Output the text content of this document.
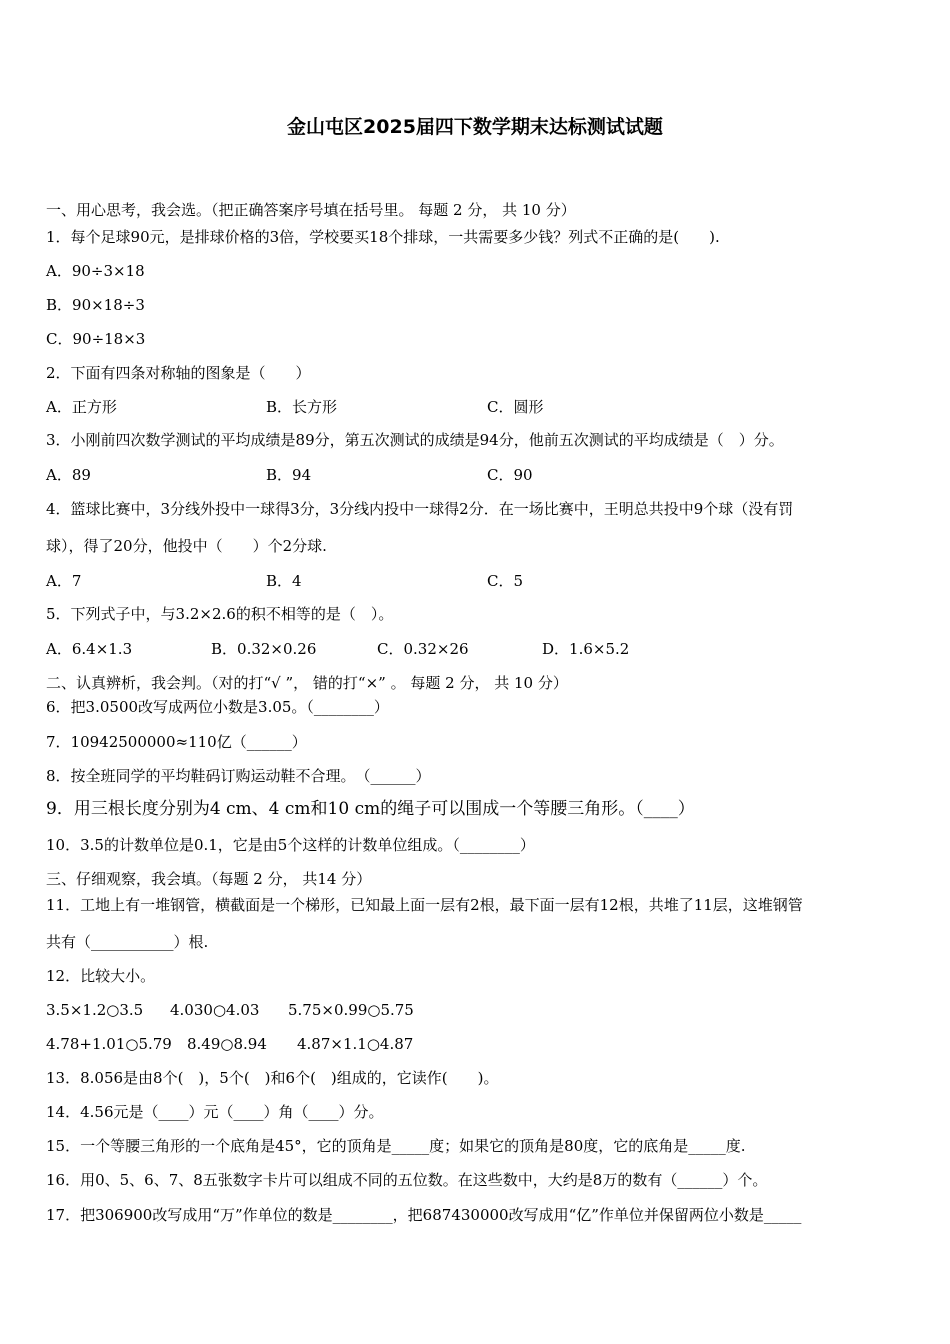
金山屯区2025届四下数学期末达标测试试题
一、用心思考，我会选。（把正确答案序号填在括号里。 每题 2 分， 共 10 分）
1．每个足球90元，是排球价格的3倍，学校要买18个排球，一共需要多少钱？列式不正确的是(　　).
A．90÷3×18
B．90×18÷3
C．90÷18×3
2．下面有四条对称轴的图象是（　　）
A．正方形	B．长方形	C．圆形
3．小刚前四次数学测试的平均成绩是89分，第五次测试的成绩是94分，他前五次测试的平均成绩是（　）分。
A．89	B．94	C．90
4．篮球比赛中，3分线外投中一球得3分，3分线内投中一球得2分．在一场比赛中，王明总共投中9个球（没有罚
球），得了20分，他投中（　　）个2分球.
A．7	B．4	C．5
5．下列式子中，与3.2×2.6的积不相等的是（　）。
A．6.4×1.3	B．0.32×0.26	C．0.32×26	D．1.6×5.2
二、认真辨析，我会判。（对的打“√ ”， 错的打“×” 。 每题 2 分， 共 10 分）
6．把3.0500改写成两位小数是3.05。（________）
7．10942500000≈110亿（______）
8．按全班同学的平均鞋码订购运动鞋不合理。　（______）
9．用三根长度分别为4 cm、4 cm和10 cm的绳子可以围成一个等腰三角形。（____）
10．3.5的计数单位是0.1，它是由5个这样的计数单位组成。（________）
三、仔细观察，我会填。（每题 2 分， 共14 分）
11．工地上有一堆钢管，横截面是一个梯形，已知最上面一层有2根，最下面一层有12根，共堆了11层，这堆钢管
共有（___________）根.
12．比较大小。
3.5×1.2○3.5 4.030○4.03 5.75×0.99○5.75
4.78+1.01○5.79 8.49○8.94 4.87×1.1○4.87
13．8.056是由8个(　)，5个(　)和6个(　)组成的，它读作(　　)。
14．4.56元是（____）元（____）角（____）分。
15．一个等腰三角形的一个底角是45°，它的顶角是_____度；如果它的顶角是80度，它的底角是_____度.
16．用0、5、6、7、8五张数字卡片可以组成不同的五位数。在这些数中，大约是8万的数有（______）个。
17．把306900改写成用“万”作单位的数是________，把687430000改写成用“亿”作单位并保留两位小数是_____
